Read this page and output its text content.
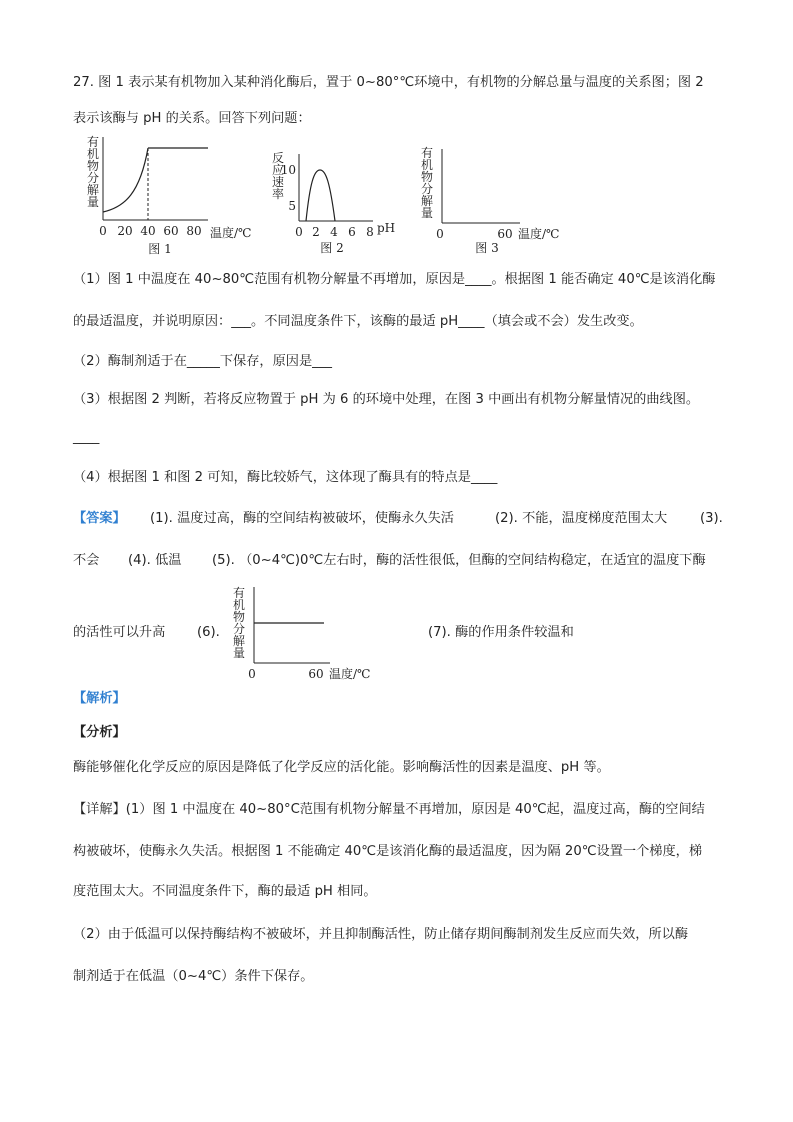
27. 图 1 表示某有机物加入某种消化酶后，置于 0~80°℃环境中，有机物的分解总量与温度的关系图；图 2
表示该酶与 pH 的关系。回答下列问题：
有
机
物
分
解
量
0 20 40 60 80 温度/℃
图 1
反
应
速
率
10
5
0 2 4 6 8 pH
图 2
有
机
物
分
解
量
0	60 温度/℃
图 3
（1）图 1 中温度在 40~80℃范围有机物分解量不再增加，原因是____。根据图 1 能否确定 40℃是该消化酶
的最适温度，并说明原因：___。不同温度条件下，该酶的最适 pH____（填会或不会）发生改变。
（2）酶制剂适于在_____下保存，原因是___
（3）根据图 2 判断，若将反应物置于 pH 为 6 的环境中处理，在图 3 中画出有机物分解量情况的曲线图。
____
（4）根据图 1 和图 2 可知，酶比较娇气，这体现了酶具有的特点是____
【答案】 (1). 温度过高，酶的空间结构被破坏，使酶永久失活	(2). 不能，温度梯度范围太大 (3).
不会 (4). 低温 (5). （0~4℃)0℃左右时，酶的活性很低，但酶的空间结构稳定，在适宜的温度下酶
的活性可以升高 (6).
有
机
物
分
解
量
0	60 温度/℃
(7). 酶的作用条件较温和
【解析】
【分析】
酶能够催化化学反应的原因是降低了化学反应的活化能。影响酶活性的因素是温度、pH 等。
【详解】(1）图 1 中温度在 40~80°C范围有机物分解量不再增加，原因是 40℃起，温度过高，酶的空间结
构被破坏，使酶永久失活。根据图 1 不能确定 40℃是该消化酶的最适温度，因为隔 20℃设置一个梯度，梯
度范围太大。不同温度条件下，酶的最适 pH 相同。
（2）由于低温可以保持酶结构不被破坏，并且抑制酶活性，防止储存期间酶制剂发生反应而失效，所以酶
制剂适于在低温（0~4℃）条件下保存。
